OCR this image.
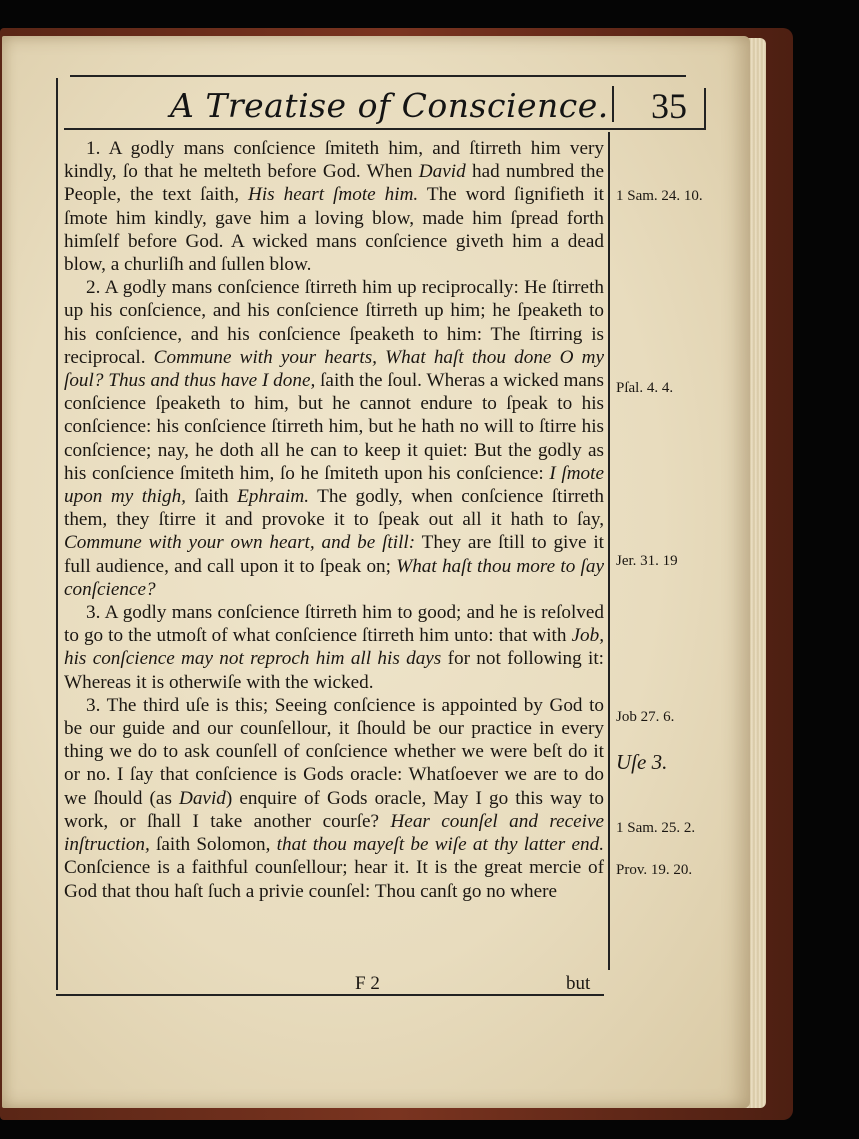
A Treatise of Conscience. 35

1. A godly mans conſcience ſmiteth him, and ſtirreth him very kindly, ſo that he melteth before God. When David had numbred the People, the text ſaith, His heart ſmote him. The word ſignifieth it ſmote him kindly, gave him a loving blow, made him ſpread forth himſelf before God. A wicked mans conſcience giveth him a dead blow, a churliſh and ſullen blow.

2. A godly mans conſcience ſtirreth him up reciprocally: He ſtirreth up his conſcience, and his conſcience ſtirreth up him; he ſpeaketh to his conſcience, and his conſcience ſpeaketh to him: The ſtirring is reciprocal. Commune with your hearts, What haſt thou done O my ſoul? Thus and thus have I done, ſaith the ſoul. Wheras a wicked mans conſcience ſpeaketh to him, but he cannot endure to ſpeak to his conſcience: his conſcience ſtirreth him, but he hath no will to ſtirre his conſcience; nay, he doth all he can to keep it quiet: But the godly as his conſcience ſmiteth him, ſo he ſmiteth upon his conſcience: I ſmote upon my thigh, ſaith Ephraim. The godly, when conſcience ſtirreth them, they ſtirre it and provoke it to ſpeak out all it hath to ſay, Commune with your own heart, and be ſtill: They are ſtill to give it full audience, and call upon it to ſpeak on; What haſt thou more to ſay conſcience?

3. A godly mans conſcience ſtirreth him to good; and he is reſolved to go to the utmoſt of what conſcience ſtirreth him unto: that with Job, his conſcience may not reproch him all his days for not following it: Whereas it is otherwiſe with the wicked.

3. The third uſe is this; Seeing conſcience is appointed by God to be our guide and our counſellour, it ſhould be our practice in every thing we do to ask counſell of conſcience whether we were beſt do it or no. I ſay that conſcience is Gods oracle: Whatſoever we are to do we ſhould (as David) enquire of Gods oracle, May I go this way to work, or ſhall I take another courſe? Hear counſel and receive inſtruction, ſaith Solomon, that thou mayeſt be wiſe at thy latter end. Conſcience is a faithful counſellour; hear it. It is the great mercie of God that thou haſt ſuch a privie counſel: Thou canſt go no where

1 Sam. 24. 10.
Pſal. 4. 4.
Jer. 31. 19
Job 27. 6.
Uſe 3.
1 Sam. 25. 2.
Prov. 19. 20.
F 2	but
